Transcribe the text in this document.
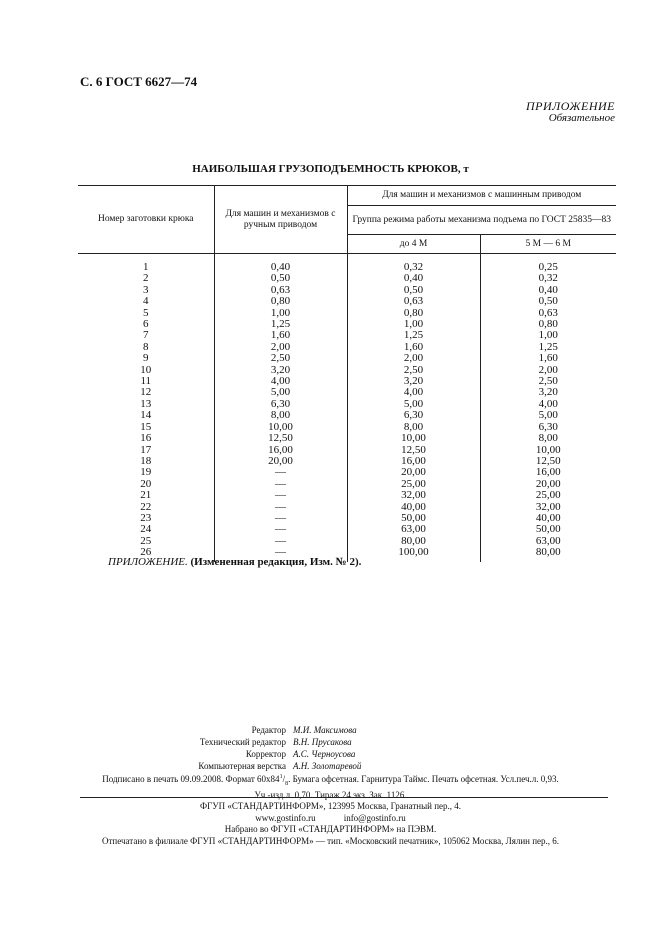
С. 6 ГОСТ 6627—74
ПРИЛОЖЕНИЕ
Обязательное
НАИБОЛЬШАЯ ГРУЗОПОДЪЕМНОСТЬ КРЮКОВ, т
Номер заготовки крюка	Для машин и механизмов с ручным приводом	Для машин и механизмов с машинным приводом	
		Группа режима работы механизма подъема по ГОСТ 25835—83	
		до 4 М	5 М — 6 М
1	0,40	0,32	0,25
2	0,50	0,40	0,32
3	0,63	0,50	0,40
4	0,80	0,63	0,50
5	1,00	0,80	0,63
6	1,25	1,00	0,80
7	1,60	1,25	1,00
8	2,00	1,60	1,25
9	2,50	2,00	1,60
10	3,20	2,50	2,00
11	4,00	3,20	2,50
12	5,00	4,00	3,20
13	6,30	5,00	4,00
14	8,00	6,30	5,00
15	10,00	8,00	6,30
16	12,50	10,00	8,00
17	16,00	12,50	10,00
18	20,00	16,00	12,50
19	—	20,00	16,00
20	—	25,00	20,00
21	—	32,00	25,00
22	—	40,00	32,00
23	—	50,00	40,00
24	—	63,00	50,00
25	—	80,00	63,00
26	—	100,00	80,00
ПРИЛОЖЕНИЕ. (Измененная редакция, Изм. № 2).
Редактор М.И. Максимова
Технический редактор В.Н. Прусакова
Корректор А.С. Черноусова
Компьютерная верстка А.Н. Золотаревой
Подписано в печать 09.09.2008. Формат $60х84^1/_8$. Бумага офсетная. Гарнитура Таймс. Печать офсетная. Усл.печ.л. 0,93.
Уч.-изд.л. 0,70. Тираж 24 экз. Зак. 1126.
ФГУП «СТАНДАРТИНФОРМ», 123995 Москва, Гранатный пер., 4.
www.gostinfo.ru	info@gostinfo.ru
Набрано во ФГУП «СТАНДАРТИНФОРМ» на ПЭВМ.
Отпечатано в филиале ФГУП «СТАНДАРТИНФОРМ» — тип. «Московский печатник», 105062 Москва, Лялин пер., 6.
